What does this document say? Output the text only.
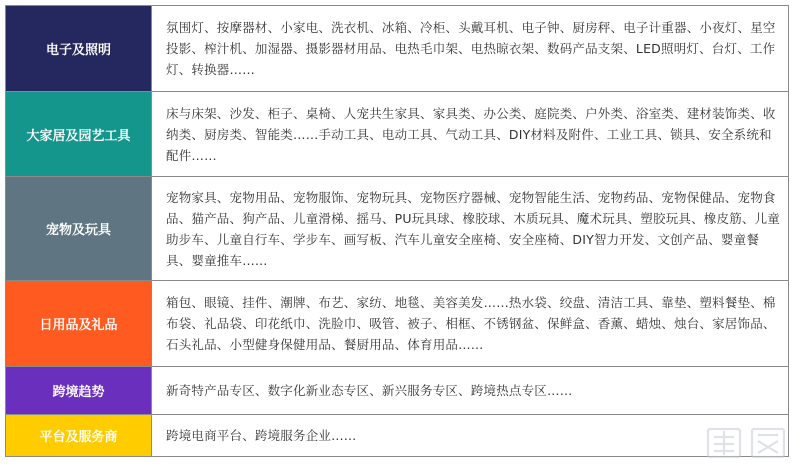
电子及照明	氛围灯、按摩器材、小家电、洗衣机、冰箱、冷柜、头戴耳机、电子钟、厨房秤、电子计重器、小夜灯、星空投影、榨汁机、加湿器、摄影器材用品、电热毛巾架、电热晾衣架、数码产品支架、LED照明灯、台灯、工作灯、转换器……
大家居及园艺工具	床与床架、沙发、柜子、桌椅、人宠共生家具、家具类、办公类、庭院类、户外类、浴室类、建材装饰类、收纳类、厨房类、智能类……手动工具、电动工具、气动工具、DIY材料及附件、工业工具、锁具、安全系统和配件……
宠物及玩具	宠物家具、宠物用品、宠物服饰、宠物玩具、宠物医疗器械、宠物智能生活、宠物药品、宠物保健品、宠物食品、猫产品、狗产品、儿童滑梯、摇马、PU玩具球、橡胶球、木质玩具、魔术玩具、塑胶玩具、橡皮筋、儿童助步车、儿童自行车、学步车、画写板、汽车儿童安全座椅、安全座椅、DIY智力开发、文创产品、婴童餐具、婴童推车……
日用品及礼品	箱包、眼镜、挂件、潮牌、布艺、家纺、地毯、美容美发……热水袋、绞盘、清洁工具、靠垫、塑料餐垫、棉布袋、礼品袋、印花纸巾、洗脸巾、吸管、被子、相框、不锈钢盆、保鲜盒、香薰、蜡烛、烛台、家居饰品、石头礼品、小型健身保健用品、餐厨用品、体育用品……
跨境趋势	新奇特产品专区、数字化新业态专区、新兴服务专区、跨境热点专区……
平台及服务商	跨境电商平台、跨境服务企业……
